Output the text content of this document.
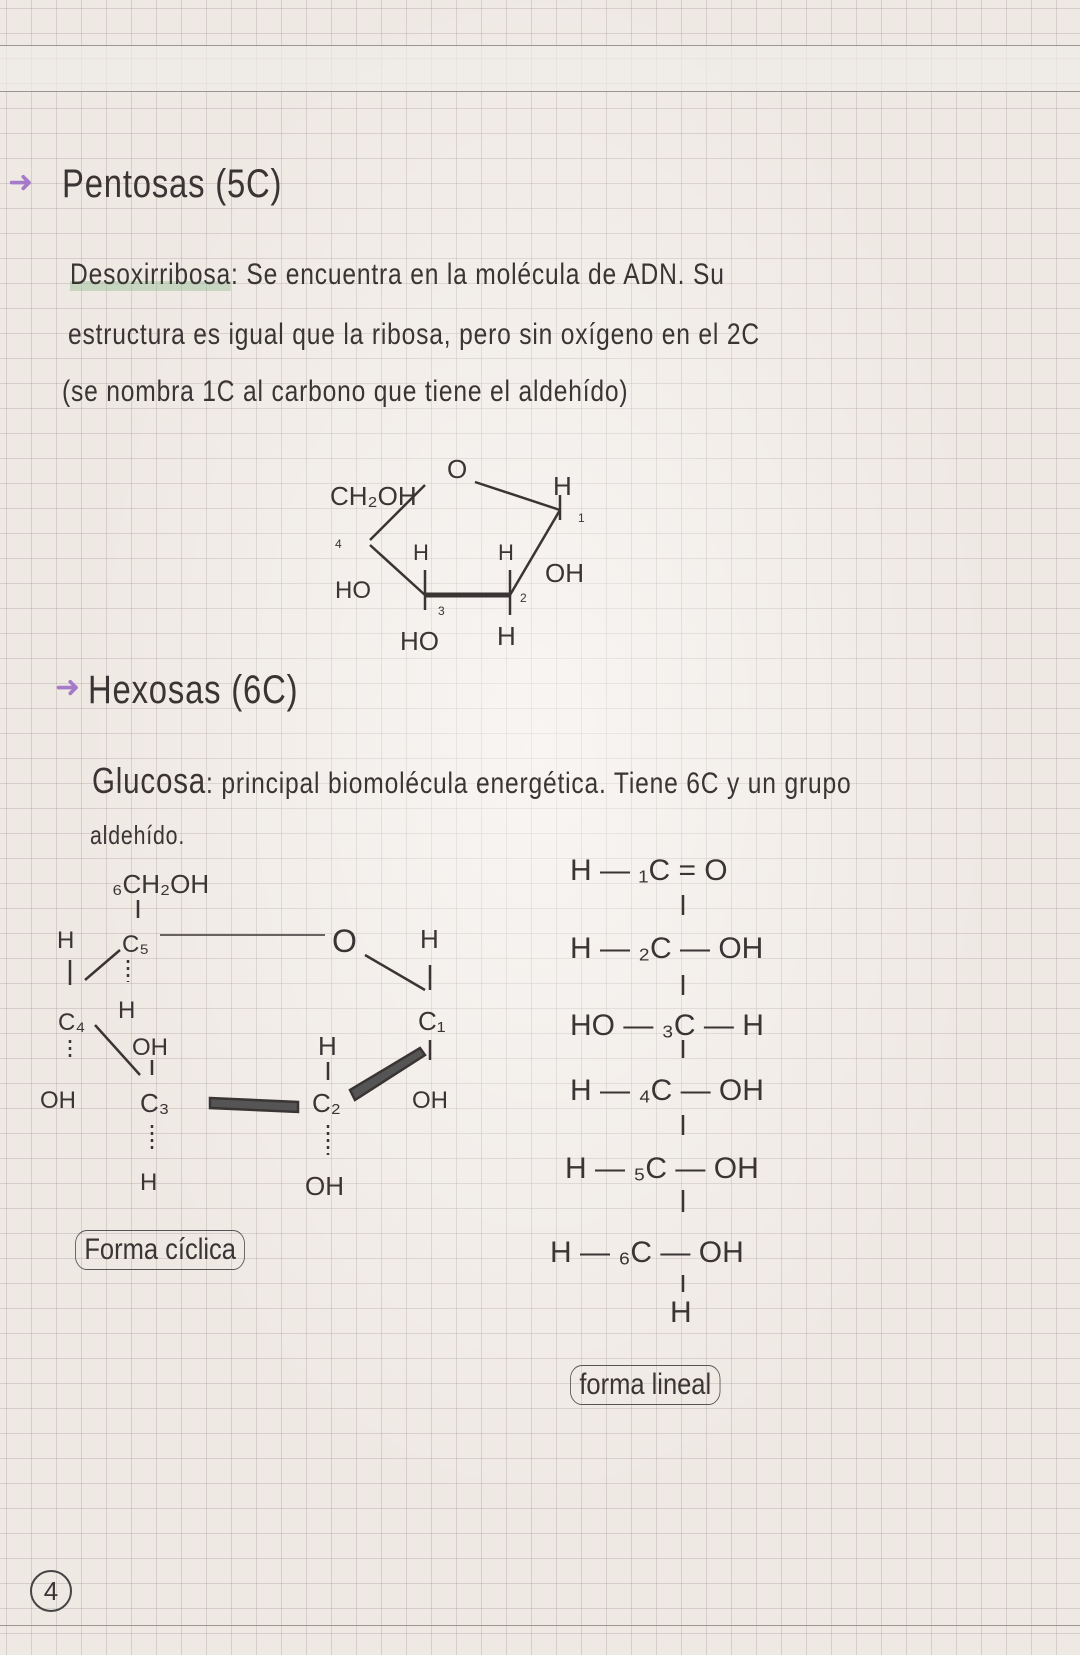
➜ Pentosas (5C)
Desoxirribosa: Se encuentra en la molécula de ADN. Su
estructura es igual que la ribosa, pero sin oxígeno en el 2C
(se nombra 1C al carbono que tiene el aldehído)
➜ Hexosas (6C)
Glucosa: principal biomolécula energética. Tiene 6C y un grupo
aldehído.
CH₂OH
O
H
1
4	H	H
OH
HO
3
2
HO H
₆CH₂OH
C₅	O H
C₁
OH
H
C₄
OH
H
OH
C₃
H
H
C₂
OH
H — ₁C = O
H — ₂C — OH
HO — ₃C — H
H — ₄C — OH
H — ₅C — OH
H — ₆C — OH
H
Forma cíclica
forma lineal
4
